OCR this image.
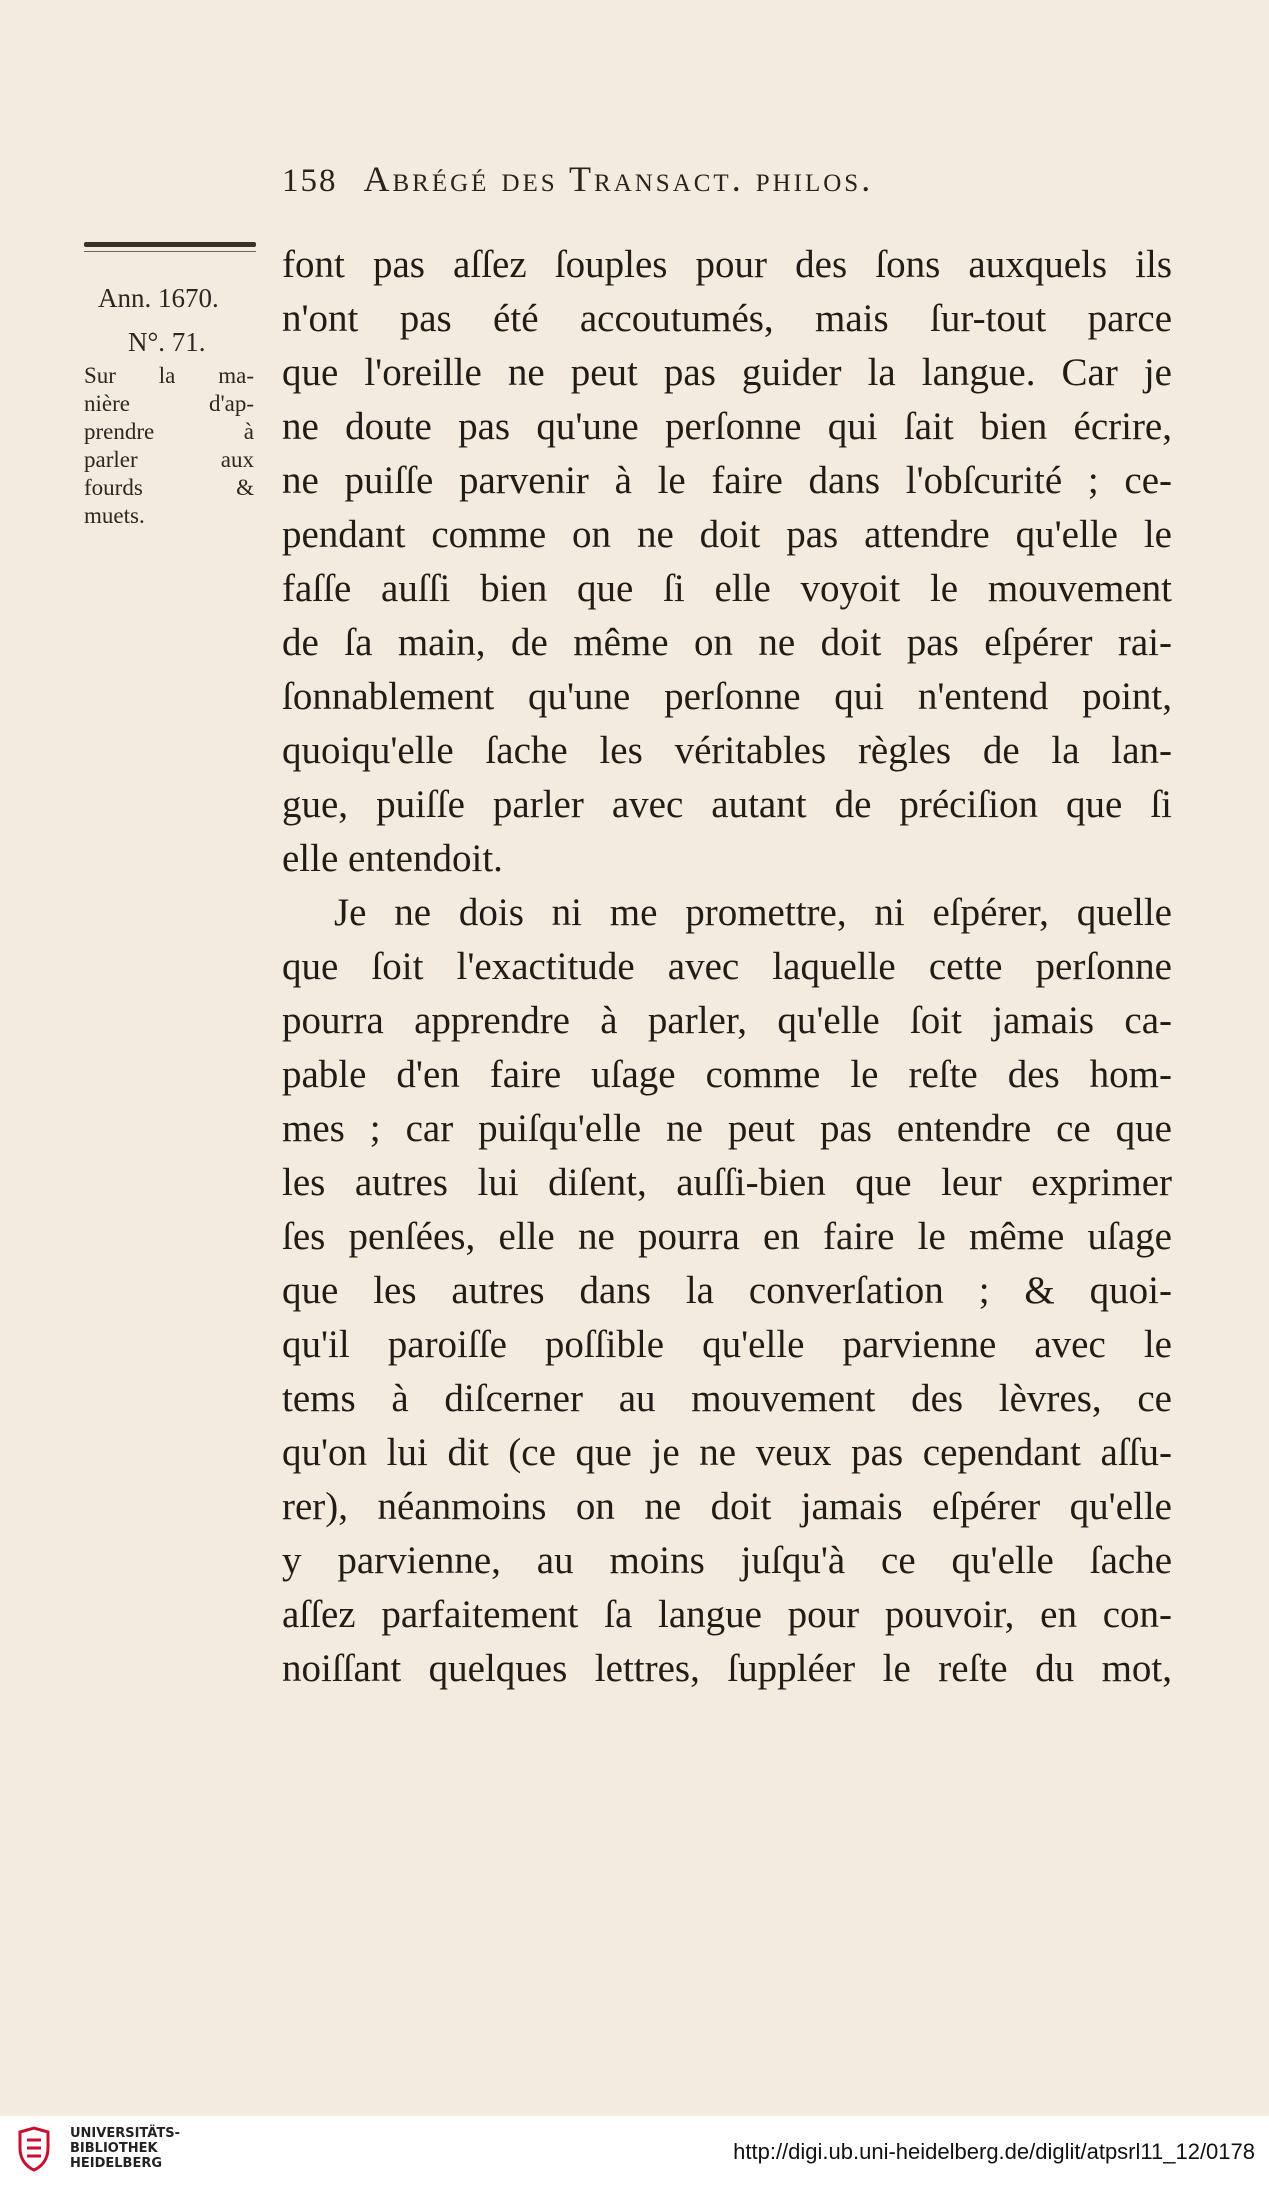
158 Abrégé des Transact. philos.
Ann. 1670.
N°. 71.
Sur la ma-
nière d'ap-
prendre à
parler aux
fourds &
muets.
font pas aſſez ſouples pour des ſons auxquels ils
n'ont pas été accoutumés, mais ſur-tout parce
que l'oreille ne peut pas guider la langue. Car je
ne doute pas qu'une perſonne qui ſait bien écrire,
ne puiſſe parvenir à le faire dans l'obſcurité ; ce-
pendant comme on ne doit pas attendre qu'elle le
faſſe auſſi bien que ſi elle voyoit le mouvement
de ſa main, de même on ne doit pas eſpérer rai-
ſonnablement qu'une perſonne qui n'entend point,
quoiqu'elle ſache les véritables règles de la lan-
gue, puiſſe parler avec autant de préciſion que ſi
elle entendoit.
Je ne dois ni me promettre, ni eſpérer, quelle
que ſoit l'exactitude avec laquelle cette perſonne
pourra apprendre à parler, qu'elle ſoit jamais ca-
pable d'en faire uſage comme le reſte des hom-
mes ; car puiſqu'elle ne peut pas entendre ce que
les autres lui diſent, auſſi-bien que leur exprimer
ſes penſées, elle ne pourra en faire le même uſage
que les autres dans la converſation ; & quoi-
qu'il paroiſſe poſſible qu'elle parvienne avec le
tems à diſcerner au mouvement des lèvres, ce
qu'on lui dit (ce que je ne veux pas cependant aſſu-
rer), néanmoins on ne doit jamais eſpérer qu'elle
y parvienne, au moins juſqu'à ce qu'elle ſache
aſſez parfaitement ſa langue pour pouvoir, en con-
noiſſant quelques lettres, ſuppléer le reſte du mot,
UNIVERSITÄTS-
BIBLIOTHEK
HEIDELBERG	http://digi.ub.uni-heidelberg.de/diglit/atpsrl11_12/0178
